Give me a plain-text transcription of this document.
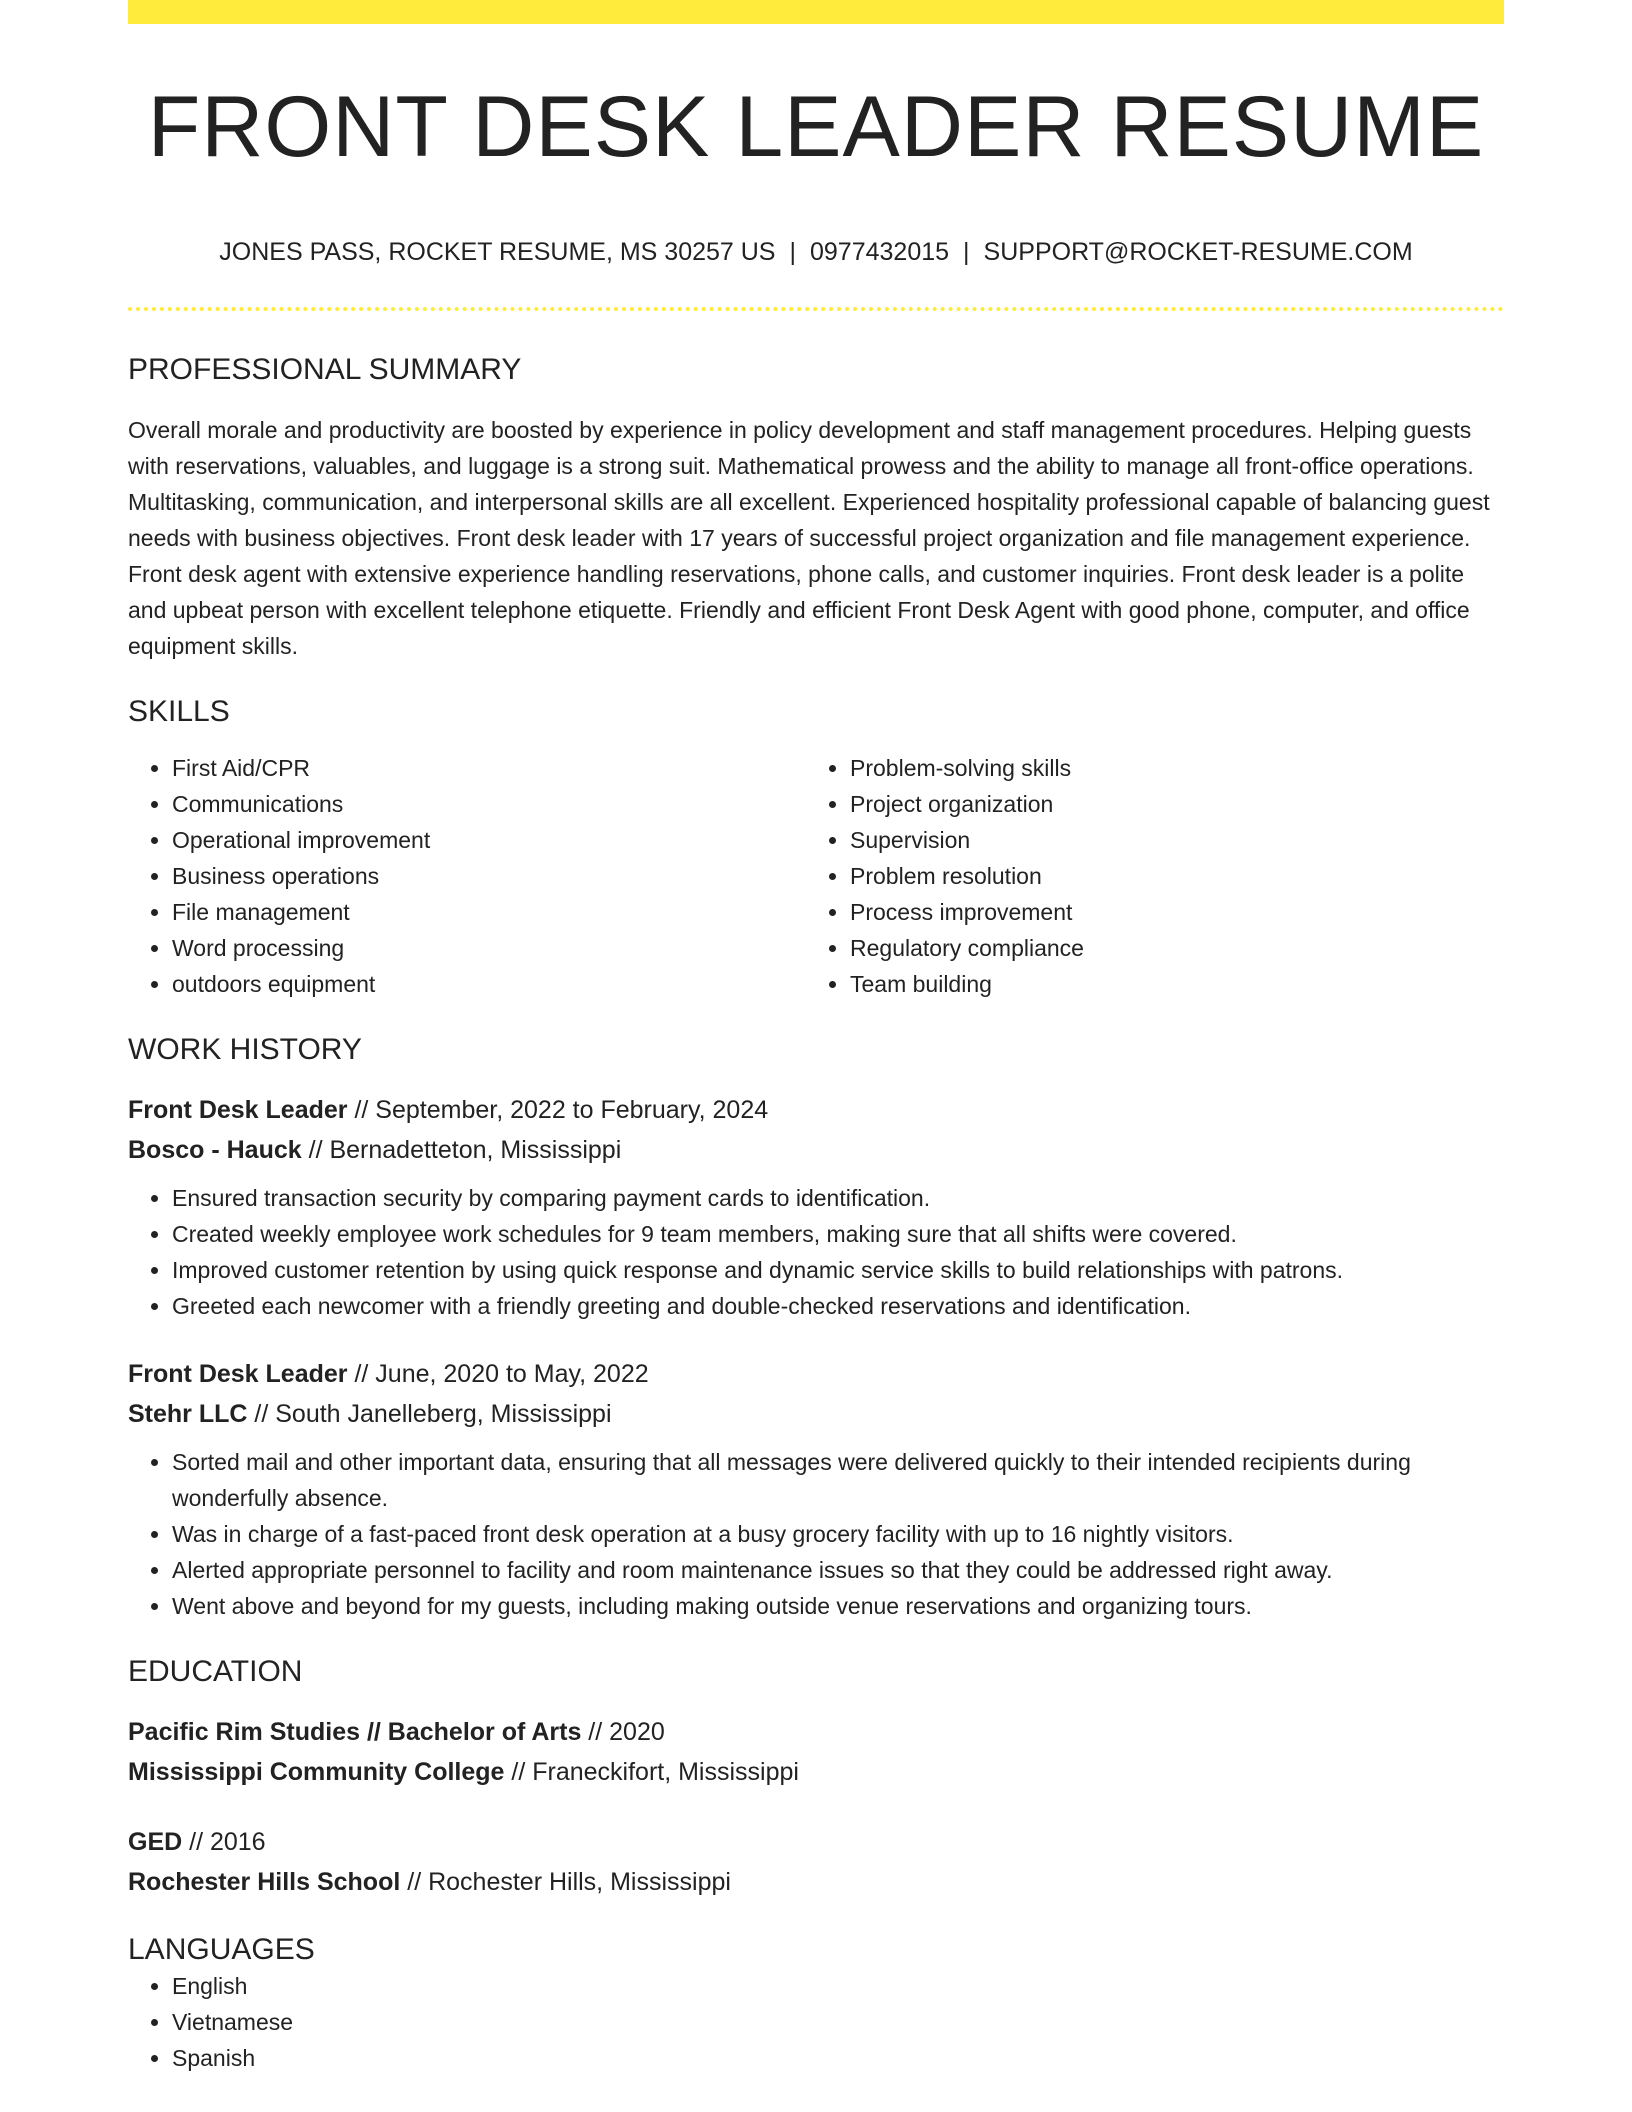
FRONT DESK LEADER RESUME
JONES PASS, ROCKET RESUME, MS 30257 US | 0977432015 | SUPPORT@ROCKET-RESUME.COM
PROFESSIONAL SUMMARY

Overall morale and productivity are boosted by experience in policy development and staff management procedures. Helping guests with reservations, valuables, and luggage is a strong suit. Mathematical prowess and the ability to manage all front-office operations. Multitasking, communication, and interpersonal skills are all excellent. Experienced hospitality professional capable of balancing guest needs with business objectives. Front desk leader with 17 years of successful project organization and file management experience. Front desk agent with extensive experience handling reservations, phone calls, and customer inquiries. Front desk leader is a polite and upbeat person with excellent telephone etiquette. Friendly and efficient Front Desk Agent with good phone, computer, and office equipment skills.

SKILLS
• First Aid/CPR
• Communications
• Operational improvement
• Business operations
• File management
• Word processing
• outdoors equipment
• Problem-solving skills
• Project organization
• Supervision
• Problem resolution
• Process improvement
• Regulatory compliance
• Team building
WORK HISTORY
Front Desk Leader // September, 2022 to February, 2024
Bosco - Hauck // Bernadetteton, Mississippi
• Ensured transaction security by comparing payment cards to identification.
• Created weekly employee work schedules for 9 team members, making sure that all shifts were covered.
• Improved customer retention by using quick response and dynamic service skills to build relationships with patrons.
• Greeted each newcomer with a friendly greeting and double-checked reservations and identification.
Front Desk Leader // June, 2020 to May, 2022
Stehr LLC // South Janelleberg, Mississippi
• Sorted mail and other important data, ensuring that all messages were delivered quickly to their intended recipients during wonderfully absence.
• Was in charge of a fast-paced front desk operation at a busy grocery facility with up to 16 nightly visitors.
• Alerted appropriate personnel to facility and room maintenance issues so that they could be addressed right away.
• Went above and beyond for my guests, including making outside venue reservations and organizing tours.
EDUCATION
Pacific Rim Studies // Bachelor of Arts // 2020
Mississippi Community College // Franeckifort, Mississippi
GED // 2016
Rochester Hills School // Rochester Hills, Mississippi
LANGUAGES
• English
• Vietnamese
• Spanish
